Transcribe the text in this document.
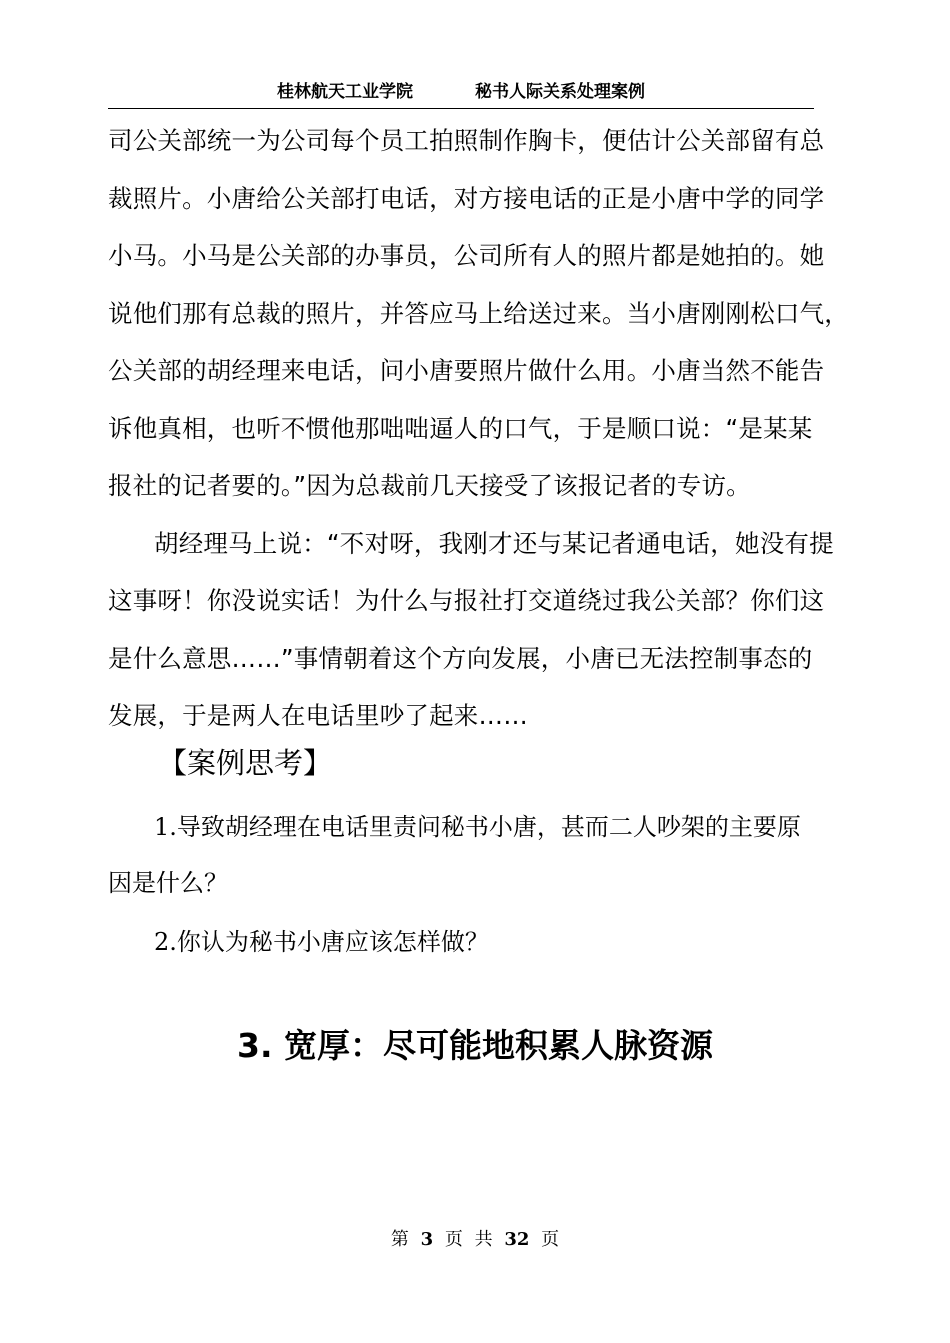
桂林航天工业学院	秘书人际关系处理案例
司公关部统一为公司每个员工拍照制作胸卡，便估计公关部留有总
裁照片。小唐给公关部打电话，对方接电话的正是小唐中学的同学
小马。小马是公关部的办事员，公司所有人的照片都是她拍的。她
说他们那有总裁的照片，并答应马上给送过来。当小唐刚刚松口气，
公关部的胡经理来电话，问小唐要照片做什么用。小唐当然不能告
诉他真相，也听不惯他那咄咄逼人的口气，于是顺口说：“是某某
报社的记者要的。”因为总裁前几天接受了该报记者的专访。
胡经理马上说：“不对呀，我刚才还与某记者通电话，她没有提
这事呀！你没说实话！为什么与报社打交道绕过我公关部？你们这
是什么意思……”事情朝着这个方向发展，小唐已无法控制事态的
发展，于是两人在电话里吵了起来……
【案例思考】
1.导致胡经理在电话里责问秘书小唐，甚而二人吵架的主要原
因是什么？
2.你认为秘书小唐应该怎样做？
3. 宽厚：尽可能地积累人脉资源
第 3 页 共 32 页
